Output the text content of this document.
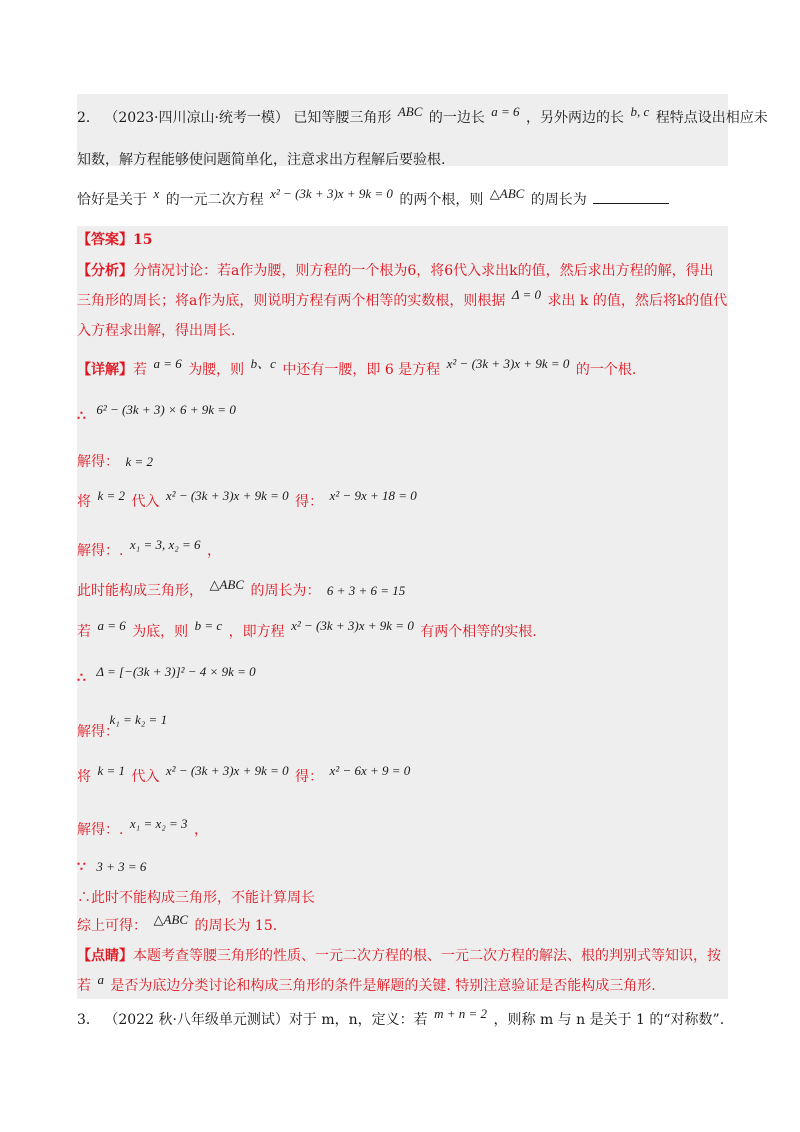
2． （2023·四川凉山·统考一模） 已知等腰三角形 ABC 的一边长 a = 6 ，另外两边的长 b, c 程特点设出相应未
知数，解方程能够使问题简单化，注意求出方程解后要验根.
恰好是关于 x 的一元二次方程 x² − (3k + 3)x + 9k = 0 的两个根，则 △ABC 的周长为
【答案】15
【分析】分情况讨论：若a作为腰，则方程的一个根为6，将6代入求出k的值，然后求出方程的解，得出
三角形的周长；将a作为底，则说明方程有两个相等的实数根，则根据 Δ = 0 求出 k 的值，然后将k的值代
入方程求出解，得出周长.
【详解】若 a = 6 为腰，则 b、c 中还有一腰，即 6 是方程 x² − (3k + 3)x + 9k = 0 的一个根.
∴ 6² − (3k + 3) × 6 + 9k = 0
解得： k = 2
将 k = 2 代入 x² − (3k + 3)x + 9k = 0 得： x² − 9x + 18 = 0
解得：. x₁ = 3, x₂ = 6 ，
此时能构成三角形， △ABC 的周长为： 6 + 3 + 6 = 15
若 a = 6 为底，则 b = c ，即方程 x² − (3k + 3)x + 9k = 0 有两个相等的实根.
∴ Δ = [−(3k + 3)]² − 4 × 9k = 0
k₁ = k₂ = 1
解得：
将 k = 1 代入 x² − (3k + 3)x + 9k = 0 得： x² − 6x + 9 = 0
解得：. x₁ = x₂ = 3 ，
∵ 3 + 3 = 6
∴此时不能构成三角形，不能计算周长
综上可得： △ABC 的周长为 15.
【点睛】本题考查等腰三角形的性质、一元二次方程的根、一元二次方程的解法、根的判别式等知识，按
若 a 是否为底边分类讨论和构成三角形的条件是解题的关键. 特别注意验证是否能构成三角形.
3． （2022 秋·八年级单元测试）对于 m，n，定义：若 m + n = 2 ，则称 m 与 n 是关于 1 的“对称数”.
